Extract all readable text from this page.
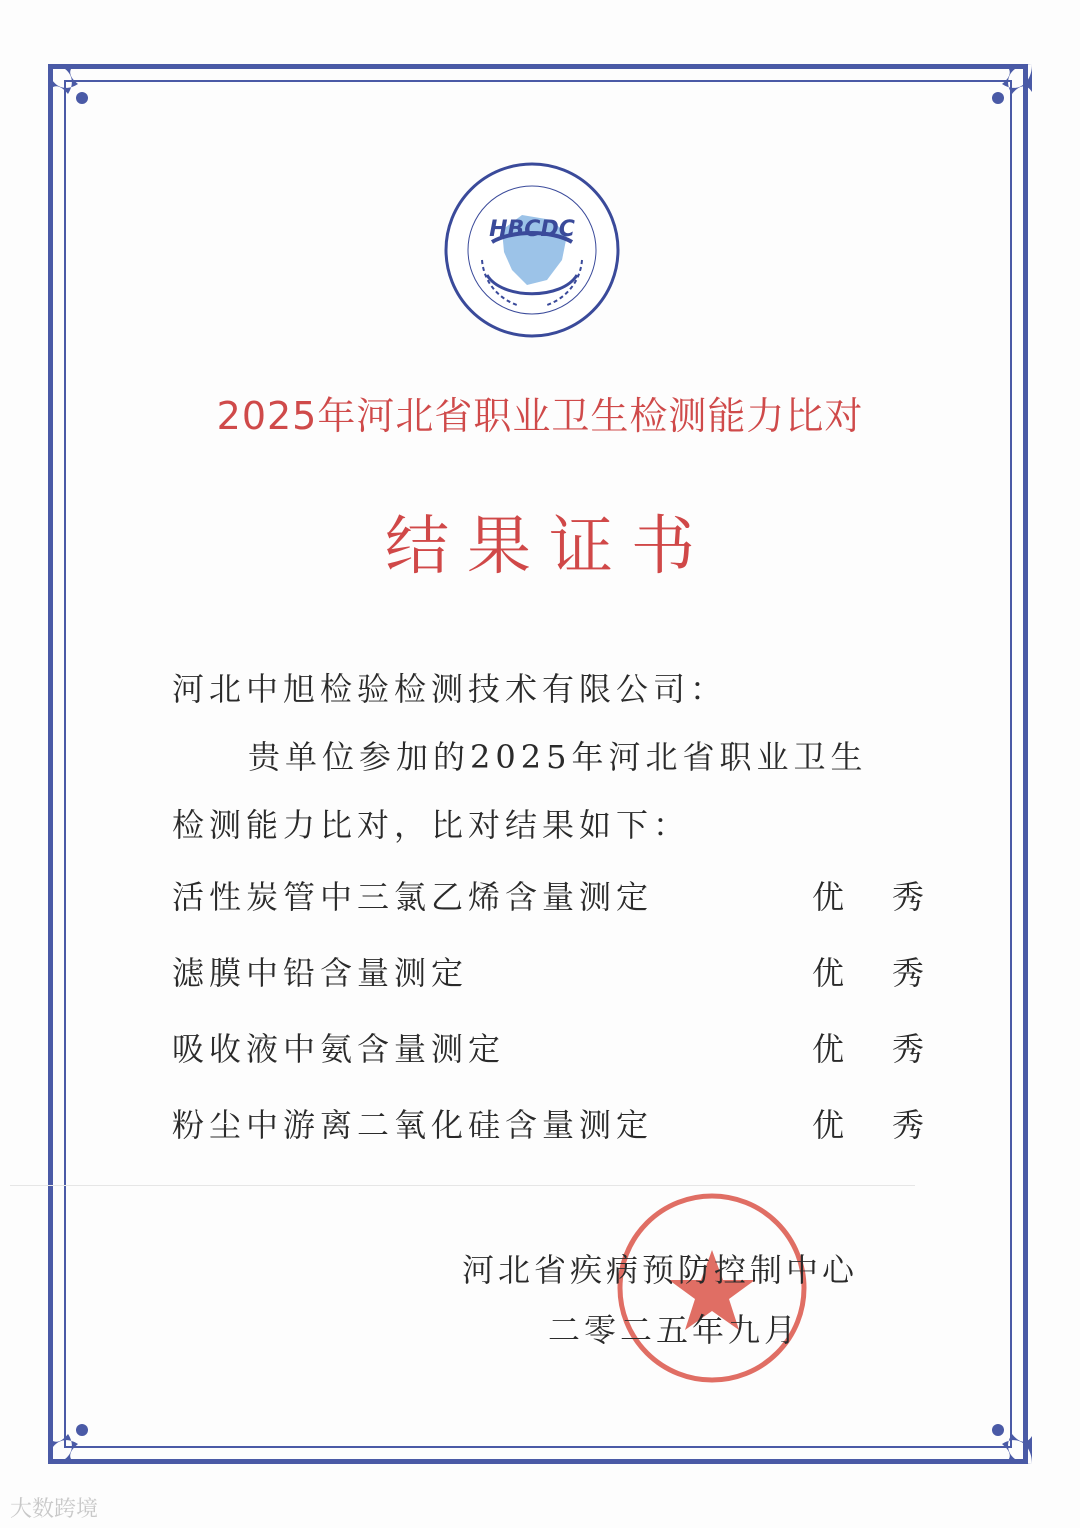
HBCDC
2025年河北省职业卫生检测能力比对
结果证书
河北中旭检验检测技术有限公司：
贵单位参加的2025年河北省职业卫生
检测能力比对，比对结果如下：
活性炭管中三氯乙烯含量测定	优秀
滤膜中铅含量测定	优秀
吸收液中氨含量测定	优秀
粉尘中游离二氧化硅含量测定	优秀
河北省疾病预防控制中心
二零二五年九月
大数跨境
